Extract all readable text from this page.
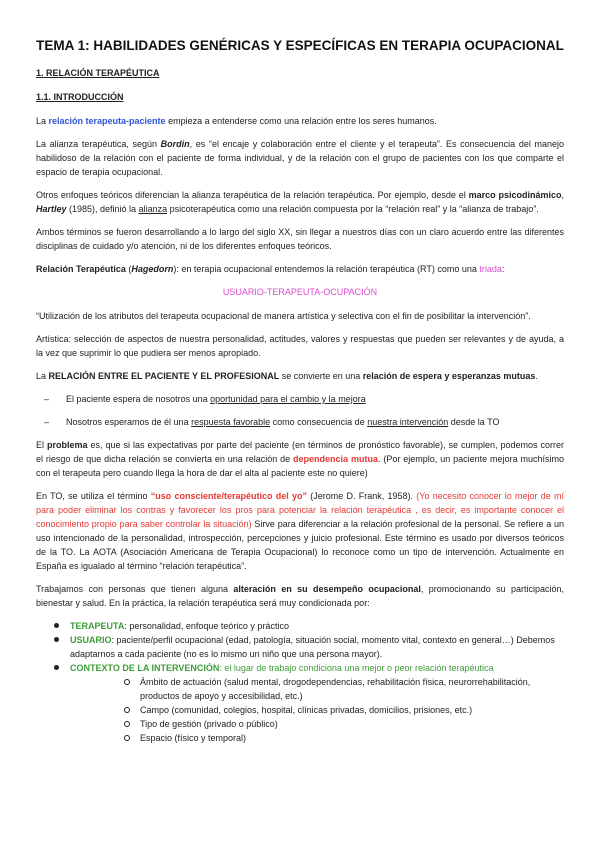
TEMA 1: HABILIDADES GENÉRICAS Y ESPECÍFICAS EN TERAPIA OCUPACIONAL
1. RELACIÓN TERAPÉUTICA
1.1. INTRODUCCIÓN

La relación terapeuta-paciente empieza a entenderse como una relación entre los seres humanos.

La alianza terapéutica, según Bordin, es “el encaje y colaboración entre el cliente y el terapeuta”. Es consecuencia del manejo habilidoso de la relación con el paciente de forma individual, y de la relación con el grupo de pacientes con los que comparte el espacio de terapia ocupacional.

Otros enfoques teóricos diferencian la alianza terapéutica de la relación terapéutica. Por ejemplo, desde el marco psicodinámico, Hartley (1985), definió la alianza psicoterapéutica como una relación compuesta por la “relación real” y la “alianza de trabajo”.

Ambos términos se fueron desarrollando a lo largo del siglo XX, sin llegar a nuestros días con un claro acuerdo entre las diferentes disciplinas de cuidado y/o atención, ni de los diferentes enfoques teóricos.

Relación Terapéutica (Hagedorn): en terapia ocupacional entendemos la relación terapéutica (RT) como una triada:

USUARIO-TERAPEUTA-OCUPACIÓN

“Utilización de los atributos del terapeuta ocupacional de manera artística y selectiva con el fin de posibilitar la intervención”.

Artística: selección de aspectos de nuestra personalidad, actitudes, valores y respuestas que pueden ser relevantes y de ayuda, a la vez que suprimir lo que pudiera ser menos apropiado.

La RELACIÓN ENTRE EL PACIENTE Y EL PROFESIONAL se convierte en una relación de espera y esperanzas mutuas.

–	El paciente espera de nosotros una oportunidad para el cambio y la mejora
–	Nosotros esperamos de él una respuesta favorable como consecuencia de nuestra intervención desde la TO

El problema es, que si las expectativas por parte del paciente (en términos de pronóstico favorable), se cumplen, podemos correr el riesgo de que dicha relación se convierta en una relación de dependencia mutua. (Por ejemplo, un paciente mejora muchísimo con el terapeuta pero cuando llega la hora de dar el alta al paciente este no quiere)

En TO, se utiliza el término “uso consciente/terapéutico del yo” (Jerome D. Frank, 1958). (Yo necesito conocer lo mejor de mí para poder eliminar los contras y favorecer los pros para potenciar la relación terapéutica , es decir, es importante conocer el conocimiento propio para saber controlar la situación) Sirve para diferenciar a la relación profesional de la personal. Se refiere a un uso intencionado de la personalidad, introspección, percepciones y juicio profesional. Este término es usado por diversos teóricos de la TO. La AOTA (Asociación Americana de Terapia Ocupacional) lo reconoce como un tipo de intervención. Actualmente en España es igualado al término “relación terapéutica”.

Trabajamos con personas que tienen alguna alteración en su desempeño ocupacional, promocionando su participación, bienestar y salud. En la práctica, la relación terapéutica será muy condicionada por:

TERAPEUTA: personalidad, enfoque teórico y práctico
USUARIO: paciente/perfil ocupacional (edad, patología, situación social, momento vital, contexto en general…) Debemos adaptarnos a cada paciente (no es lo mismo un niño que una persona mayor).
CONTEXTO DE LA INTERVENCIÓN: el lugar de trabajo condiciona una mejor o peor relación terapéutica
Ámbito de actuación (salud mental, drogodependencias, rehabilitación física, neurorrehabilitación, productos de apoyo y accesibilidad, etc.)
Campo (comunidad, colegios, hospital, clínicas privadas, domicilios, prisiones, etc.)
Tipo de gestión (privado o público)
Espacio (físico y temporal)
